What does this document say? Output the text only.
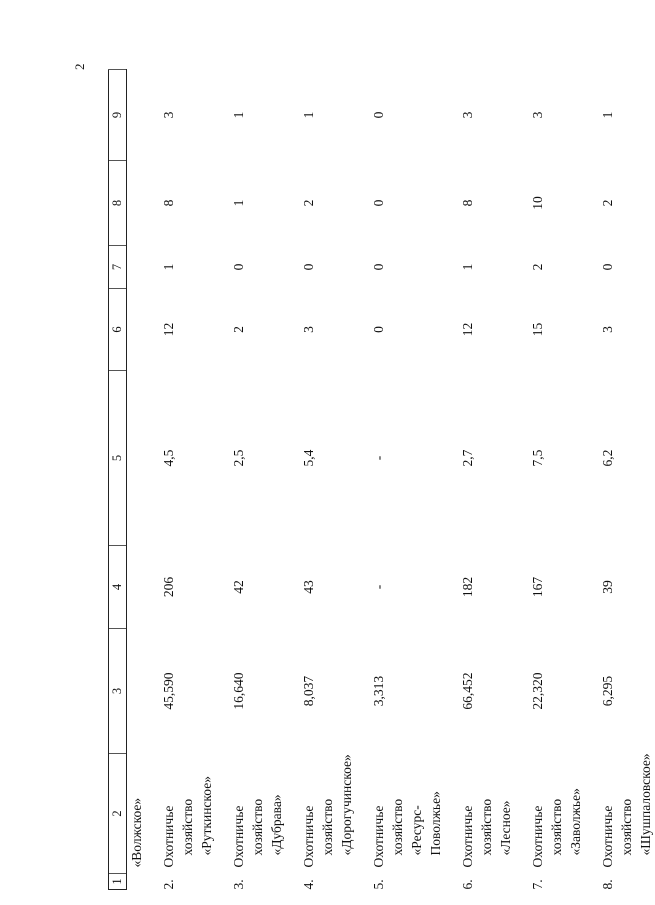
2
1	2	3	4	5	6	7	8	9
	«Волжское»							
2.	Охотничье хозяйство «Руткинское»	45,590	206	4,5	12	1	8	3
3.	Охотничье хозяйство «Дубрава»	16,640	42	2,5	2	0	1	1
4.	Охотничье хозяйство «Дорогучинское»	8,037	43	5,4	3	0	2	1
5.	Охотничье хозяйство «Ресурс- Поволжье»	3,313	-	-	0	0	0	0
6.	Охотничье хозяйство «Лесное»	66,452	182	2,7	12	1	8	3
7.	Охотничье хозяйство «Заволжье»	22,320	167	7,5	15	2	10	3
8.	Охотничье хозяйство «Шушпаловское»	6,295	39	6,2	3	0	2	1
